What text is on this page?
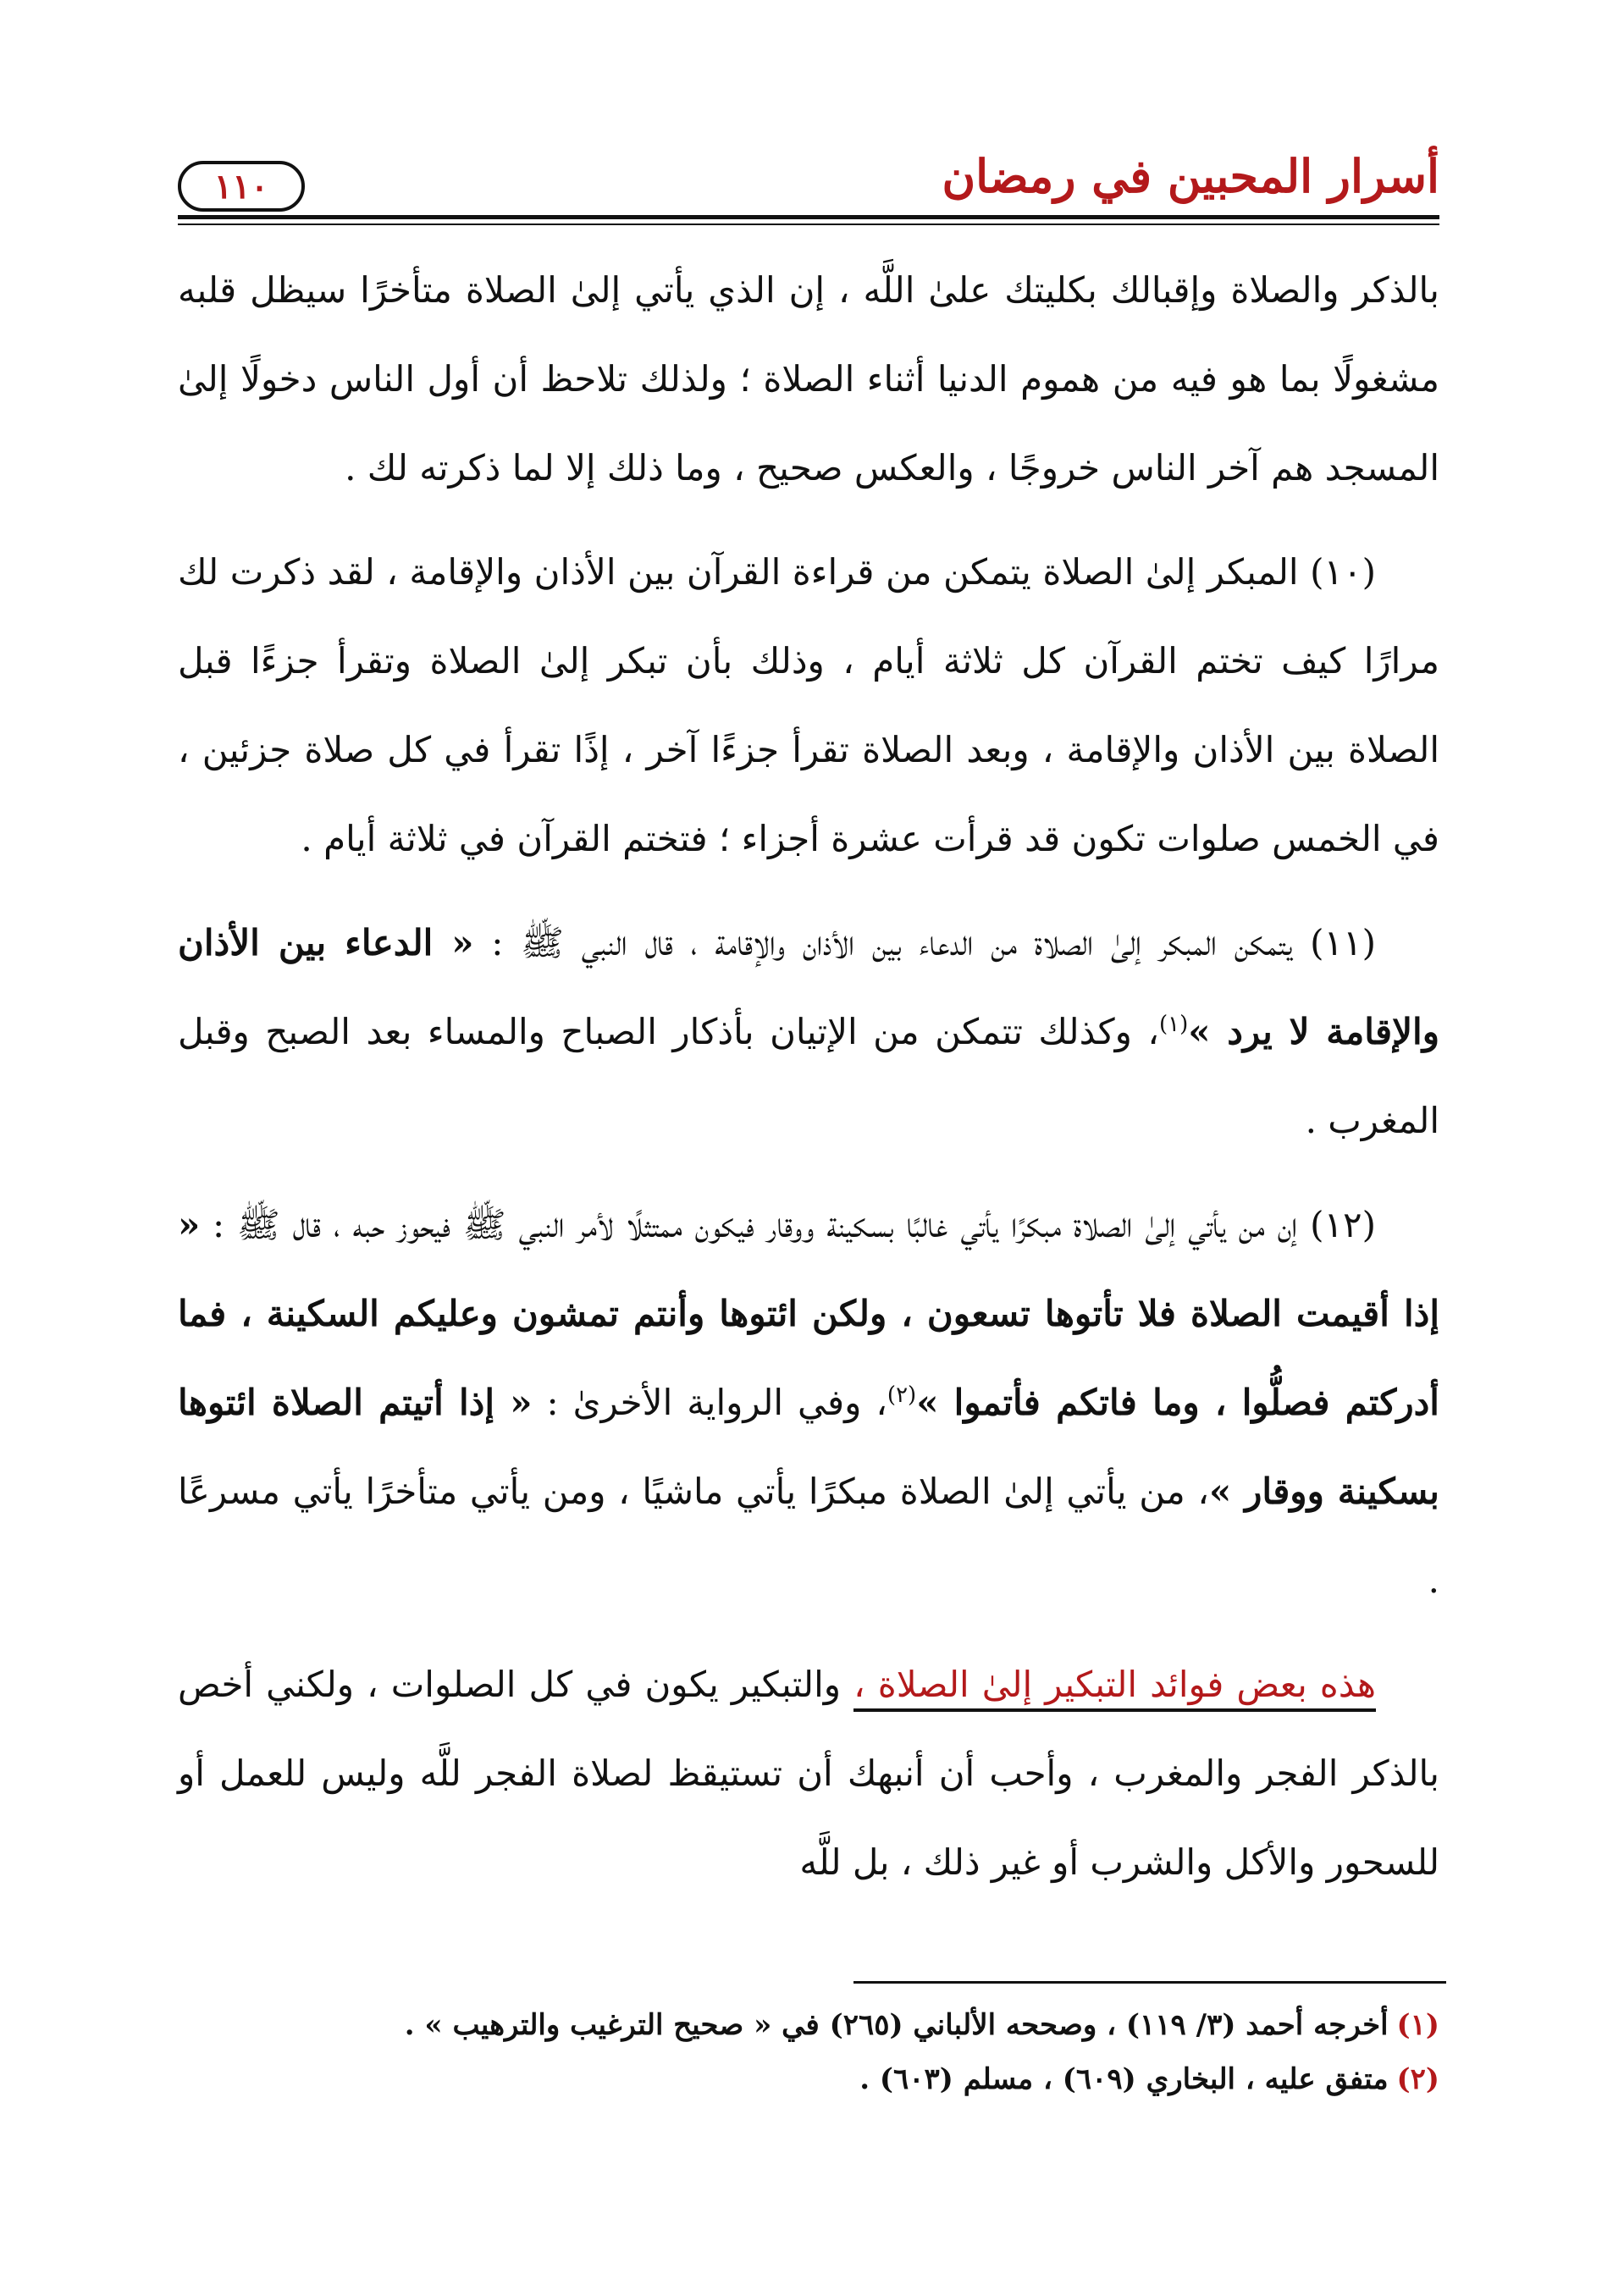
١١٠	أسرار المحبين في رمضان

بالذكر والصلاة وإقبالك بكليتك علىٰ اللَّه ، إن الذي يأتي إلىٰ الصلاة متأخرًا سيظل قلبه مشغولًا بما هو فيه من هموم الدنيا أثناء الصلاة ؛ ولذلك تلاحظ أن أول الناس دخولًا إلىٰ المسجد هم آخر الناس خروجًا ، والعكس صحيح ، وما ذلك إلا لما ذكرته لك .

(١٠) المبكر إلىٰ الصلاة يتمكن من قراءة القرآن بين الأذان والإقامة ، لقد ذكرت لك مرارًا كيف تختم القرآن كل ثلاثة أيام ، وذلك بأن تبكر إلىٰ الصلاة وتقرأ جزءًا قبل الصلاة بين الأذان والإقامة ، وبعد الصلاة تقرأ جزءًا آخر ، إذًا تقرأ في كل صلاة جزئين ، في الخمس صلوات تكون قد قرأت عشرة أجزاء ؛ فتختم القرآن في ثلاثة أيام .

(١١) يتمكن المبكر إلىٰ الصلاة من الدعاء بين الأذان والإقامة ، قال النبي ﷺ : « الدعاء بين الأذان والإقامة لا يرد »$^{(١)}$، وكذلك تتمكن من الإتيان بأذكار الصباح والمساء بعد الصبح وقبل المغرب .

(١٢) إن من يأتي إلىٰ الصلاة مبكرًا يأتي غالبًا بسكينة ووقار فيكون ممتثلًا لأمر النبي ﷺ فيحوز حبه ، قال ﷺ : « إذا أقيمت الصلاة فلا تأتوها تسعون ، ولكن ائتوها وأنتم تمشون وعليكم السكينة ، فما أدركتم فصلُّوا ، وما فاتكم فأتموا »$^{(٢)}$، وفي الرواية الأخرىٰ : « إذا أتيتم الصلاة ائتوها بسكينة ووقار »، من يأتي إلىٰ الصلاة مبكرًا يأتي ماشيًا ، ومن يأتي متأخرًا يأتي مسرعًا .

هذه بعض فوائد التبكير إلىٰ الصلاة ، والتبكير يكون في كل الصلوات ، ولكني أخص بالذكر الفجر والمغرب ، وأحب أن أنبهك أن تستيقظ لصلاة الفجر للَّه وليس للعمل أو للسحور والأكل والشرب أو غير ذلك ، بل للَّه

(١)أخرجه أحمد (٣/ ١١٩) ، وصححه الألباني (٢٦٥) في « صحيح الترغيب والترهيب » .

(٢)متفق عليه ، البخاري (٦٠٩) ، مسلم (٦٠٣) .
